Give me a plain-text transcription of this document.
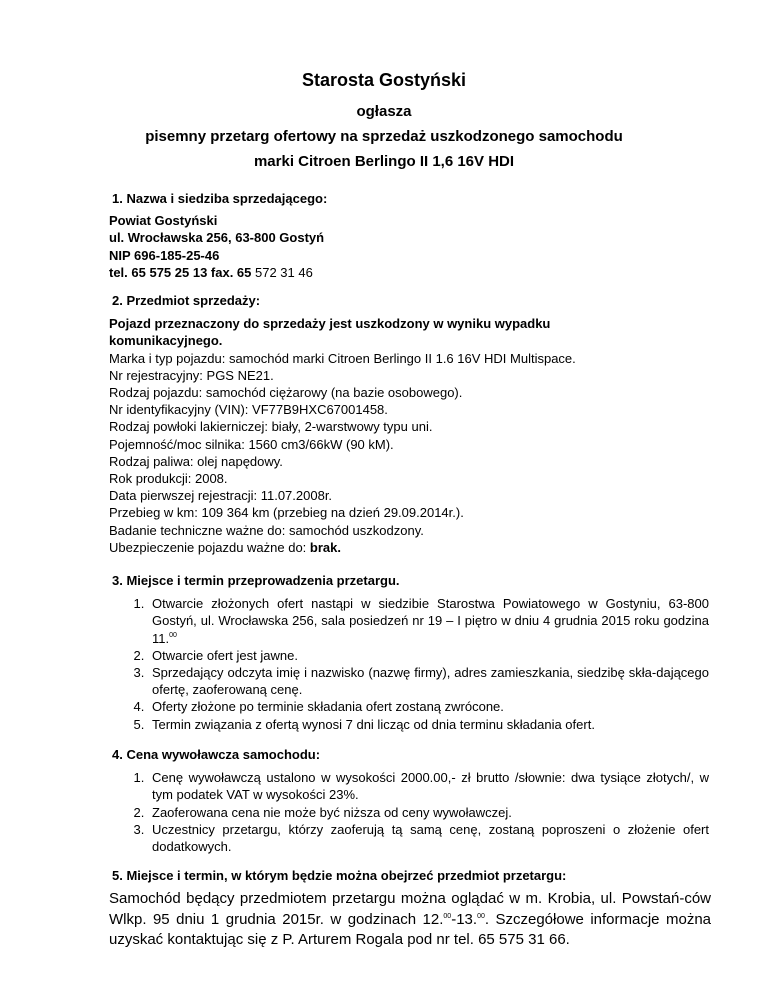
Starosta Gostyński
ogłasza
pisemny przetarg ofertowy na sprzedaż uszkodzonego samochodu
marki Citroen Berlingo II 1,6 16V HDI
1. Nazwa i siedziba sprzedającego:
Powiat Gostyński
ul. Wrocławska 256, 63-800 Gostyń
NIP 696-185-25-46
tel. 65 575 25 13 fax. 65 572 31 46
2. Przedmiot sprzedaży:
Pojazd przeznaczony do sprzedaży jest uszkodzony w wyniku wypadku
komunikacyjnego.
Marka i typ pojazdu: samochód marki Citroen Berlingo II 1.6 16V HDI Multispace.
Nr rejestracyjny: PGS NE21.
Rodzaj pojazdu: samochód ciężarowy (na bazie osobowego).
Nr identyfikacyjny (VIN): VF77B9HXC67001458.
Rodzaj powłoki lakierniczej: biały, 2-warstwowy typu uni.
Pojemność/moc silnika: 1560 cm3/66kW (90 kM).
Rodzaj paliwa: olej napędowy.
Rok produkcji: 2008.
Data pierwszej rejestracji: 11.07.2008r.
Przebieg w km: 109 364 km (przebieg na dzień 29.09.2014r.).
Badanie techniczne ważne do: samochód uszkodzony.
Ubezpieczenie pojazdu ważne do: brak.
3. Miejsce i termin przeprowadzenia przetargu.
1. Otwarcie złożonych ofert nastąpi w siedzibie Starostwa Powiatowego w Gostyniu, 63-800 Gostyń, ul. Wrocławska 256, sala posiedzeń nr 19 – I piętro w dniu 4 grudnia 2015 roku godzina 11.00
2. Otwarcie ofert jest jawne.
3. Sprzedający odczyta imię i nazwisko (nazwę firmy), adres zamieszkania, siedzibę skła-dającego ofertę, zaoferowaną cenę.
4. Oferty złożone po terminie składania ofert zostaną zwrócone.
5. Termin związania z ofertą wynosi 7 dni licząc od dnia terminu składania ofert.
4. Cena wywoławcza samochodu:
1. Cenę wywoławczą ustalono w wysokości 2000.00,- zł brutto /słownie: dwa tysiące złotych/, w tym podatek VAT w wysokości 23%.
2. Zaoferowana cena nie może być niższa od ceny wywoławczej.
3. Uczestnicy przetargu, którzy zaoferują tą samą cenę, zostaną poproszeni o złożenie ofert dodatkowych.
5. Miejsce i termin, w którym będzie można obejrzeć przedmiot przetargu:
Samochód będący przedmiotem przetargu można oglądać w m. Krobia, ul. Powstań-ców Wlkp. 95 dniu 1 grudnia 2015r. w godzinach 12.00-13.00. Szczegółowe informacje można uzyskać kontaktując się z P. Arturem Rogala pod nr tel. 65 575 31 66.
